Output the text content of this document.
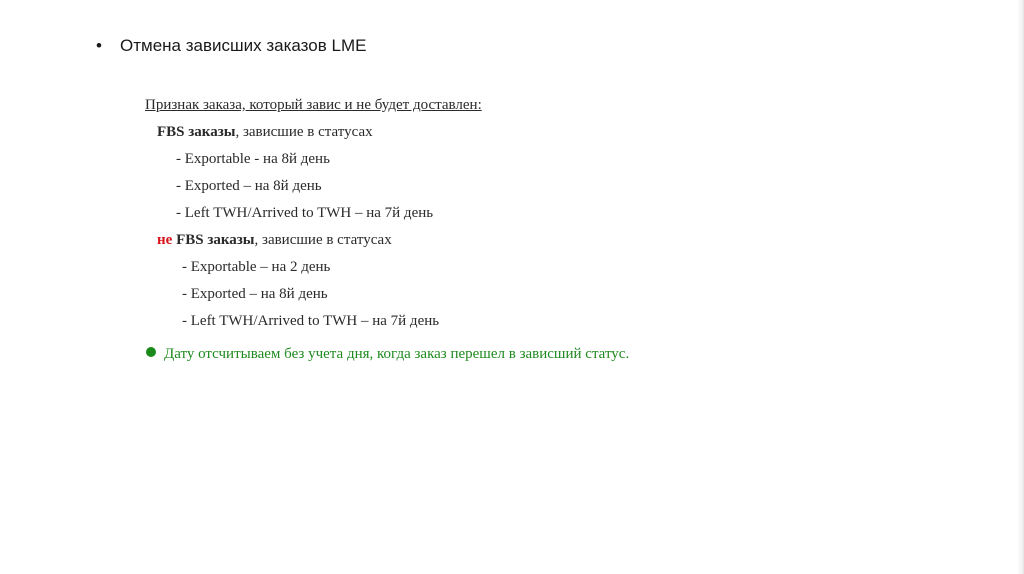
• Отмена зависших заказов LME
Признак заказа, который завис и не будет доставлен:
FBS заказы, зависшие в статусах
- Exportable - на 8й день
- Exported – на 8й день
- Left TWH/Arrived to TWH – на 7й день
не FBS заказы, зависшие в статусах
- Exportable – на 2 день
- Exported – на 8й день
- Left TWH/Arrived to TWH – на 7й день
Дату отсчитываем без учета дня, когда заказ перешел в зависший статус.
